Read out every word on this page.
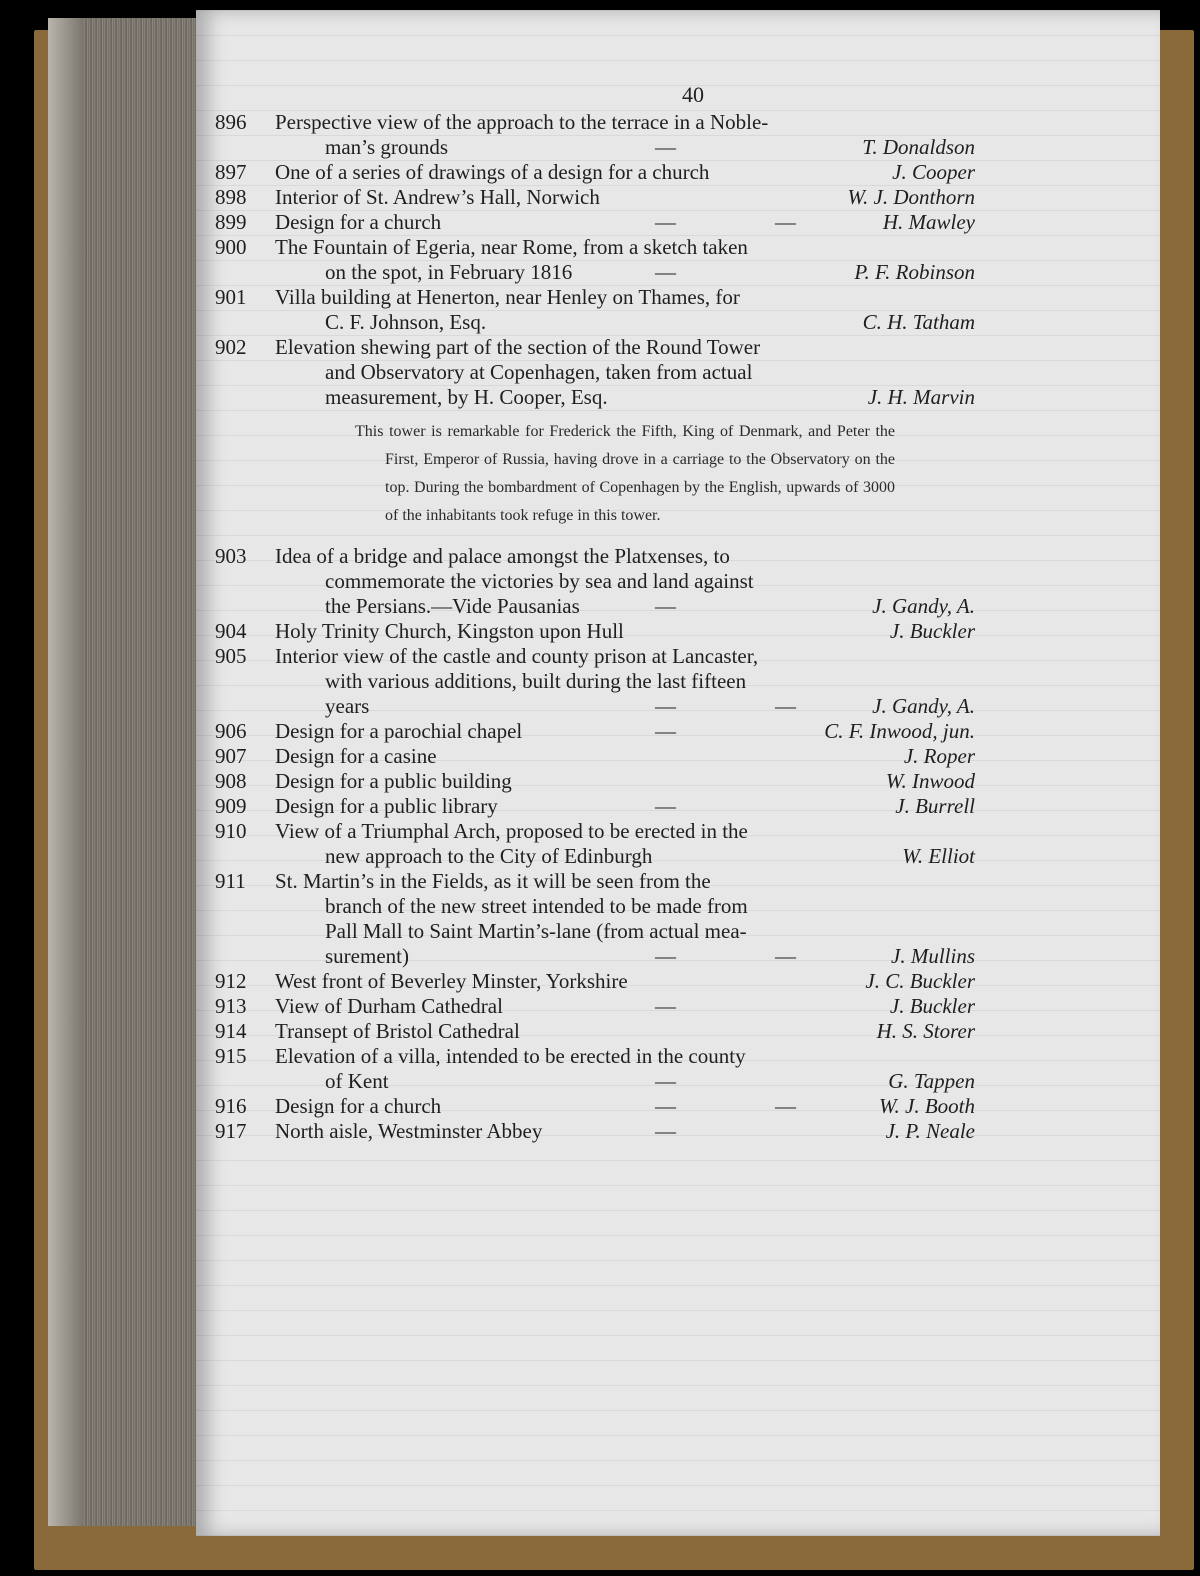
40
896	Perspective view of the approach to the terrace in a Noble-
man’s grounds	—	T. Donaldson
897	One of a series of drawings of a design for a church	J. Cooper
898	Interior of St. Andrew’s Hall, Norwich	W. J. Donthorn
899	Design for a church	—	—	H. Mawley
900	The Fountain of Egeria, near Rome, from a sketch taken
on the spot, in February 1816	—	P. F. Robinson
901	Villa building at Henerton, near Henley on Thames, for
C. F. Johnson, Esq.	C. H. Tatham
902	Elevation shewing part of the section of the Round Tower
and Observatory at Copenhagen, taken from actual
measurement, by H. Cooper, Esq.	J. H. Marvin
This tower is remarkable for Frederick the Fifth, King of Denmark, and Peter the First, Emperor of Russia, having drove in a carriage to the Observatory on the top. During the bombardment of Copenhagen by the English, upwards of 3000 of the inhabitants took refuge in this tower.
903	Idea of a bridge and palace amongst the Platxenses, to
commemorate the victories by sea and land against
the Persians.—Vide Pausanias	—	J. Gandy, A.
904	Holy Trinity Church, Kingston upon Hull	J. Buckler
905	Interior view of the castle and county prison at Lancaster,
with various additions, built during the last fifteen
years	—	—	J. Gandy, A.
906	Design for a parochial chapel	—	C. F. Inwood, jun.
907	Design for a casine	J. Roper
908	Design for a public building	W. Inwood
909	Design for a public library	—	J. Burrell
910	View of a Triumphal Arch, proposed to be erected in the
new approach to the City of Edinburgh	W. Elliot
911	St. Martin’s in the Fields, as it will be seen from the
branch of the new street intended to be made from
Pall Mall to Saint Martin’s-lane (from actual mea-
surement)	—	—	J. Mullins
912	West front of Beverley Minster, Yorkshire	J. C. Buckler
913	View of Durham Cathedral	—	J. Buckler
914	Transept of Bristol Cathedral	H. S. Storer
915	Elevation of a villa, intended to be erected in the county
of Kent	—	G. Tappen
916	Design for a church	—	—	W. J. Booth
917	North aisle, Westminster Abbey	—	J. P. Neale
